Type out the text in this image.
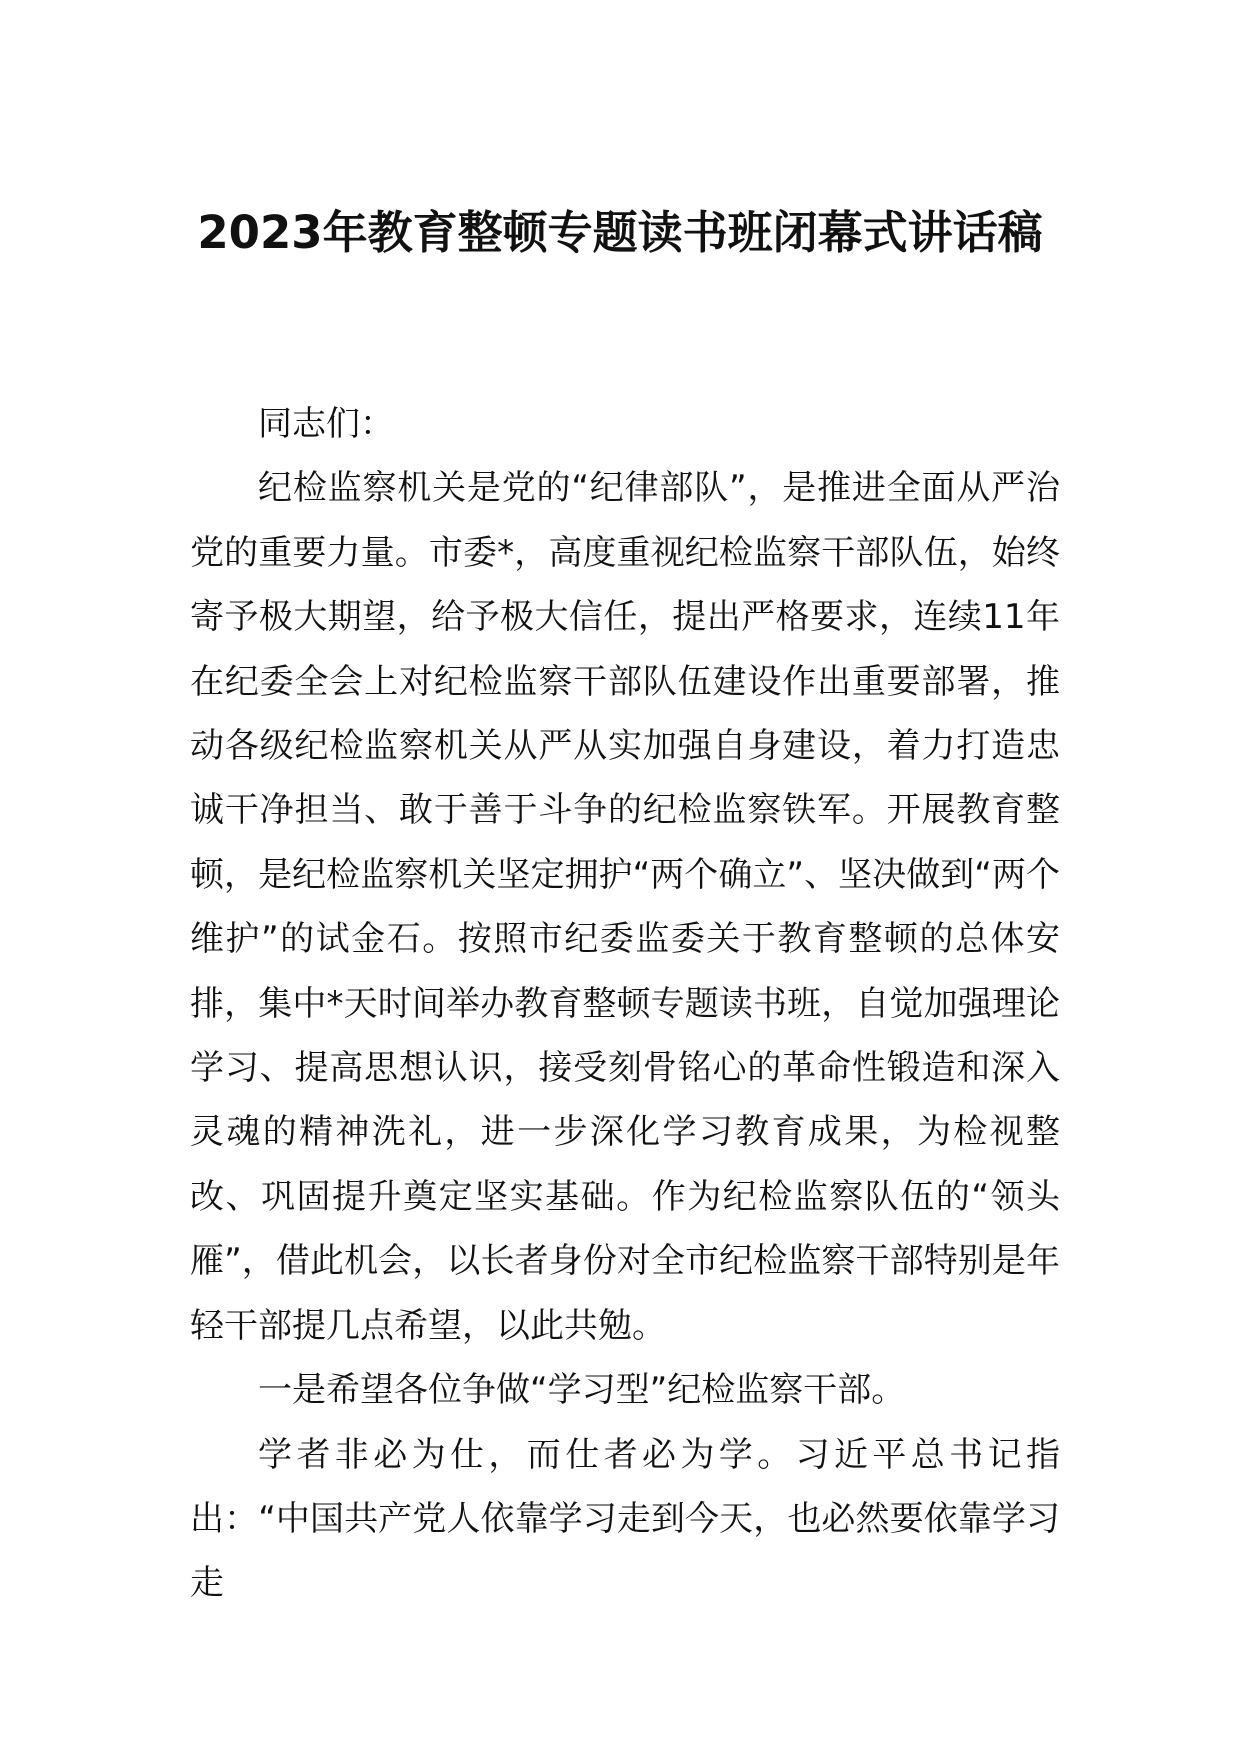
2023年教育整顿专题读书班闭幕式讲话稿

同志们：

纪检监察机关是党的“纪律部队”，是推进全面从严治党的重要力量。市委*，高度重视纪检监察干部队伍，始终寄予极大期望，给予极大信任，提出严格要求，连续11年在纪委全会上对纪检监察干部队伍建设作出重要部署，推动各级纪检监察机关从严从实加强自身建设，着力打造忠诚干净担当、敢于善于斗争的纪检监察铁军。开展教育整顿，是纪检监察机关坚定拥护“两个确立”、坚决做到“两个维护”的试金石。按照市纪委监委关于教育整顿的总体安排，集中*天时间举办教育整顿专题读书班，自觉加强理论学习、提高思想认识，接受刻骨铭心的革命性锻造和深入灵魂的精神洗礼，进一步深化学习教育成果，为检视整改、巩固提升奠定坚实基础。作为纪检监察队伍的“领头雁”，借此机会，以长者身份对全市纪检监察干部特别是年轻干部提几点希望，以此共勉。

一是希望各位争做“学习型”纪检监察干部。

学者非必为仕，而仕者必为学。习近平总书记指出：“中国共产党人依靠学习走到今天，也必然要依靠学习走
